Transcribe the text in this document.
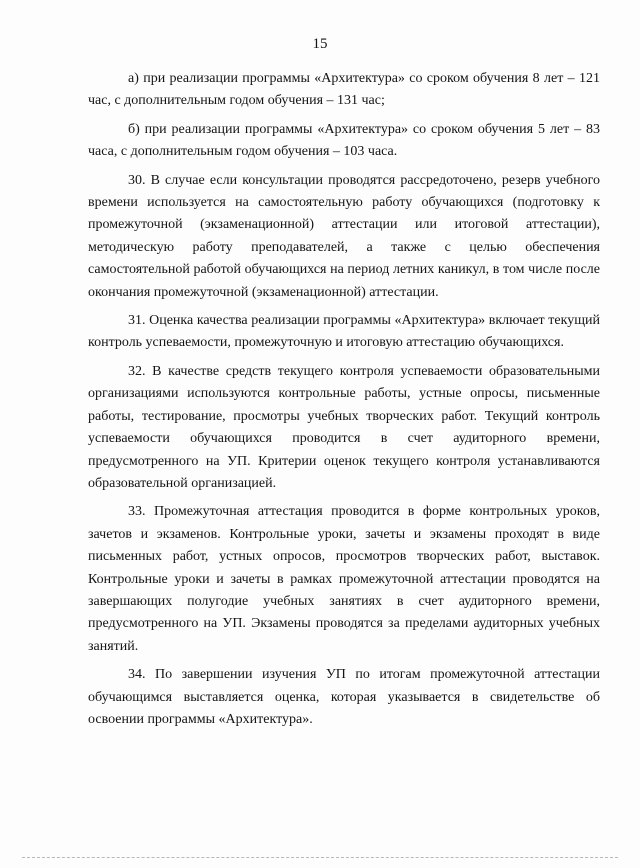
15

а) при реализации программы «Архитектура» со сроком обучения 8 лет – 121 час, с дополнительным годом обучения – 131 час;

б) при реализации программы «Архитектура» со сроком обучения 5 лет – 83 часа, с дополнительным годом обучения – 103 часа.

30. В случае если консультации проводятся рассредоточено, резерв учебного времени используется на самостоятельную работу обучающихся (подготовку к промежуточной (экзаменационной) аттестации или итоговой аттестации), методическую работу преподавателей, а также с целью обеспечения самостоятельной работой обучающихся на период летних каникул, в том числе после окончания промежуточной (экзаменационной) аттестации.

31. Оценка качества реализации программы «Архитектура» включает текущий контроль успеваемости, промежуточную и итоговую аттестацию обучающихся.

32. В качестве средств текущего контроля успеваемости образовательными организациями используются контрольные работы, устные опросы, письменные работы, тестирование, просмотры учебных творческих работ. Текущий контроль успеваемости обучающихся проводится в счет аудиторного времени, предусмотренного на УП. Критерии оценок текущего контроля устанавливаются образовательной организацией.

33. Промежуточная аттестация проводится в форме контрольных уроков, зачетов и экзаменов. Контрольные уроки, зачеты и экзамены проходят в виде письменных работ, устных опросов, просмотров творческих работ, выставок. Контрольные уроки и зачеты в рамках промежуточной аттестации проводятся на завершающих полугодие учебных занятиях в счет аудиторного времени, предусмотренного на УП. Экзамены проводятся за пределами аудиторных учебных занятий.

34. По завершении изучения УП по итогам промежуточной аттестации обучающимся выставляется оценка, которая указывается в свидетельстве об освоении программы «Архитектура».
